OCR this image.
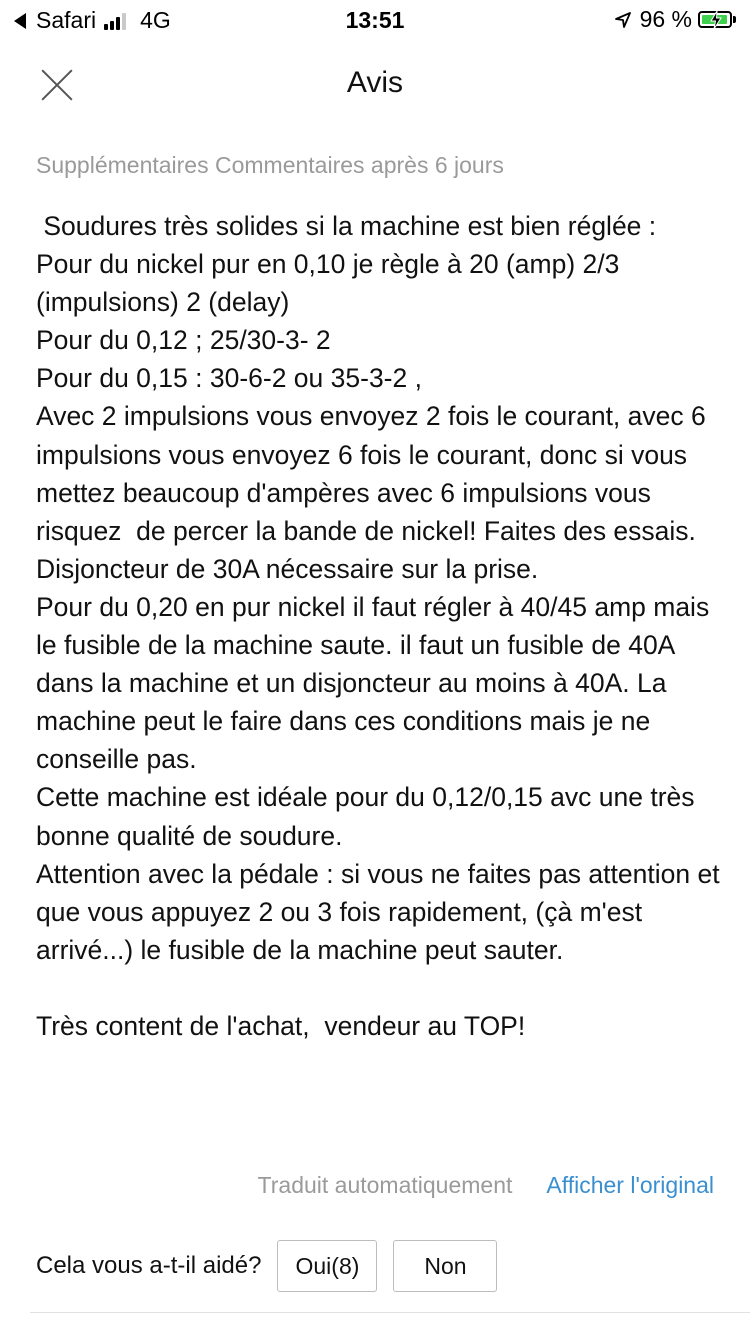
Safari 4G	13:51	96 %
Avis
Supplémentaires Commentaires après 6 jours

Soudures très solides si la machine est bien réglée :
Pour du nickel pur en 0,10 je règle à 20 (amp) 2/3 (impulsions) 2 (delay)
Pour du 0,12 ; 25/30-3- 2
Pour du 0,15 : 30-6-2 ou 35-3-2 ,
Avec 2 impulsions vous envoyez 2 fois le courant, avec 6 impulsions vous envoyez 6 fois le courant, donc si vous mettez beaucoup d'ampères avec 6 impulsions vous risquez  de percer la bande de nickel! Faites des essais.
Disjoncteur de 30A nécessaire sur la prise.
Pour du 0,20 en pur nickel il faut régler à 40/45 amp mais le fusible de la machine saute. il faut un fusible de 40A dans la machine et un disjoncteur au moins à 40A. La machine peut le faire dans ces conditions mais je ne conseille pas.
Cette machine est idéale pour du 0,12/0,15 avc une très bonne qualité de soudure.
Attention avec la pédale : si vous ne faites pas attention et que vous appuyez 2 ou 3 fois rapidement, (çà m'est arrivé...) le fusible de la machine peut sauter.

Très content de l'achat,  vendeur au TOP!

Traduit automatiquement Afficher l'original
Cela vous a-t-il aidé?	Oui(8)	Non
